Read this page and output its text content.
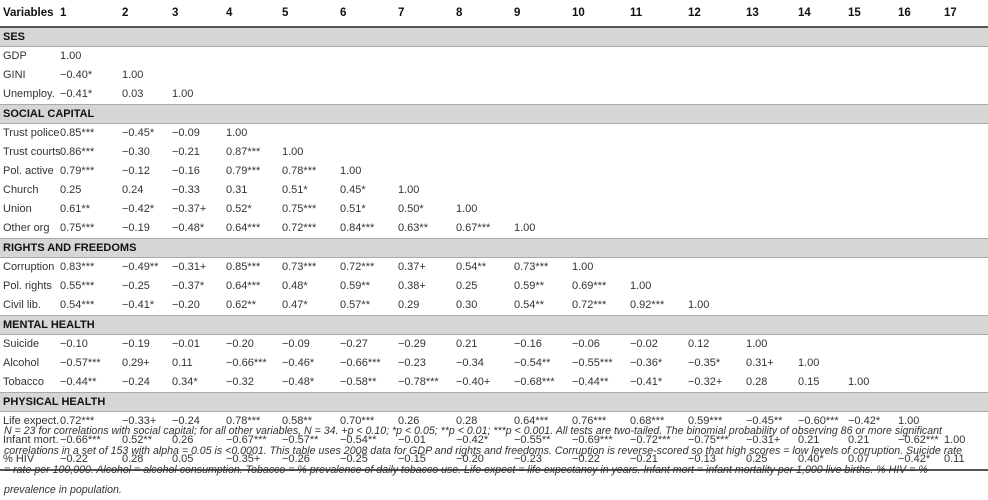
Variables	1	2	3	4	5	6	7	8	9	10	11	12	13	14	15	16	17
SES																	
GDP	1.00																
GINI	−0.40*	1.00															
Unemploy.	−0.41*	0.03	1.00														
SOCIAL CAPITAL																	
Trust police	0.85***	−0.45*	−0.09	1.00													
Trust courts	0.86***	−0.30	−0.21	0.87***	1.00												
Pol. active	0.79***	−0.12	−0.16	0.79***	0.78***	1.00											
Church	0.25	0.24	−0.33	0.31	0.51*	0.45*	1.00										
Union	0.61**	−0.42*	−0.37+	0.52*	0.75***	0.51*	0.50*	1.00									
Other org	0.75***	−0.19	−0.48*	0.64***	0.72***	0.84***	0.63**	0.67***	1.00								
RIGHTS AND FREEDOMS																	
Corruption	0.83***	−0.49**	−0.31+	0.85***	0.73***	0.72***	0.37+	0.54**	0.73***	1.00							
Pol. rights	0.55***	−0.25	−0.37*	0.64***	0.48*	0.59**	0.38+	0.25	0.59**	0.69***	1.00						
Civil lib.	0.54***	−0.41*	−0.20	0.62**	0.47*	0.57**	0.29	0.30	0.54**	0.72***	0.92***	1.00					
MENTAL HEALTH																	
Suicide	−0.10	−0.19	−0.01	−0.20	−0.09	−0.27	−0.29	0.21	−0.16	−0.06	−0.02	0.12	1.00				
Alcohol	−0.57***	0.29+	0.11	−0.66***	−0.46*	−0.66***	−0.23	−0.34	−0.54**	−0.55***	−0.36*	−0.35*	0.31+	1.00			
Tobacco	−0.44**	−0.24	0.34*	−0.32	−0.48*	−0.58**	−0.78***	−0.40+	−0.68***	−0.44**	−0.41*	−0.32+	0.28	0.15	1.00		
PHYSICAL HEALTH																	
Life expect.	0.72***	−0.33+	−0.24	0.78***	0.58**	0.70***	0.26	0.28	0.64***	0.76***	0.68***	0.59***	−0.45**	−0.60***	−0.42*	1.00	
Infant mort.	−0.66***	0.52**	0.26	−0.67***	−0.57**	−0.54**	−0.01	−0.42*	−0.55**	−0.69***	−0.72***	−0.75***	−0.31+	0.21	0.21	−0.62***	1.00
% HIV	−0.22	0.28	0.05	−0.35+	−0.26	−0.25	−0.15	−0.20	−0.23	−0.22	−0.21	−0.13	0.25	0.40*	0.07	−0.42*	0.11
N = 23 for correlations with social capital; for all other variables, N = 34. +p < 0.10; *p < 0.05; **p < 0.01; ***p < 0.001. All tests are two-tailed. The binomial probability of observing 86 or more significant correlations in a set of 153 with alpha = 0.05 is <0.0001. This table uses 2008 data for GDP and rights and freedoms. Corruption is reverse-scored so that high scores = low levels of corruption. Suicide rate = rate per 100,000. Alcohol = alcohol consumption. Tobacco = % prevalence of daily tobacco use. Life expect = life expectancy in years. Infant mort = infant mortality per 1,000 live births. % HIV = % prevalence in population.
